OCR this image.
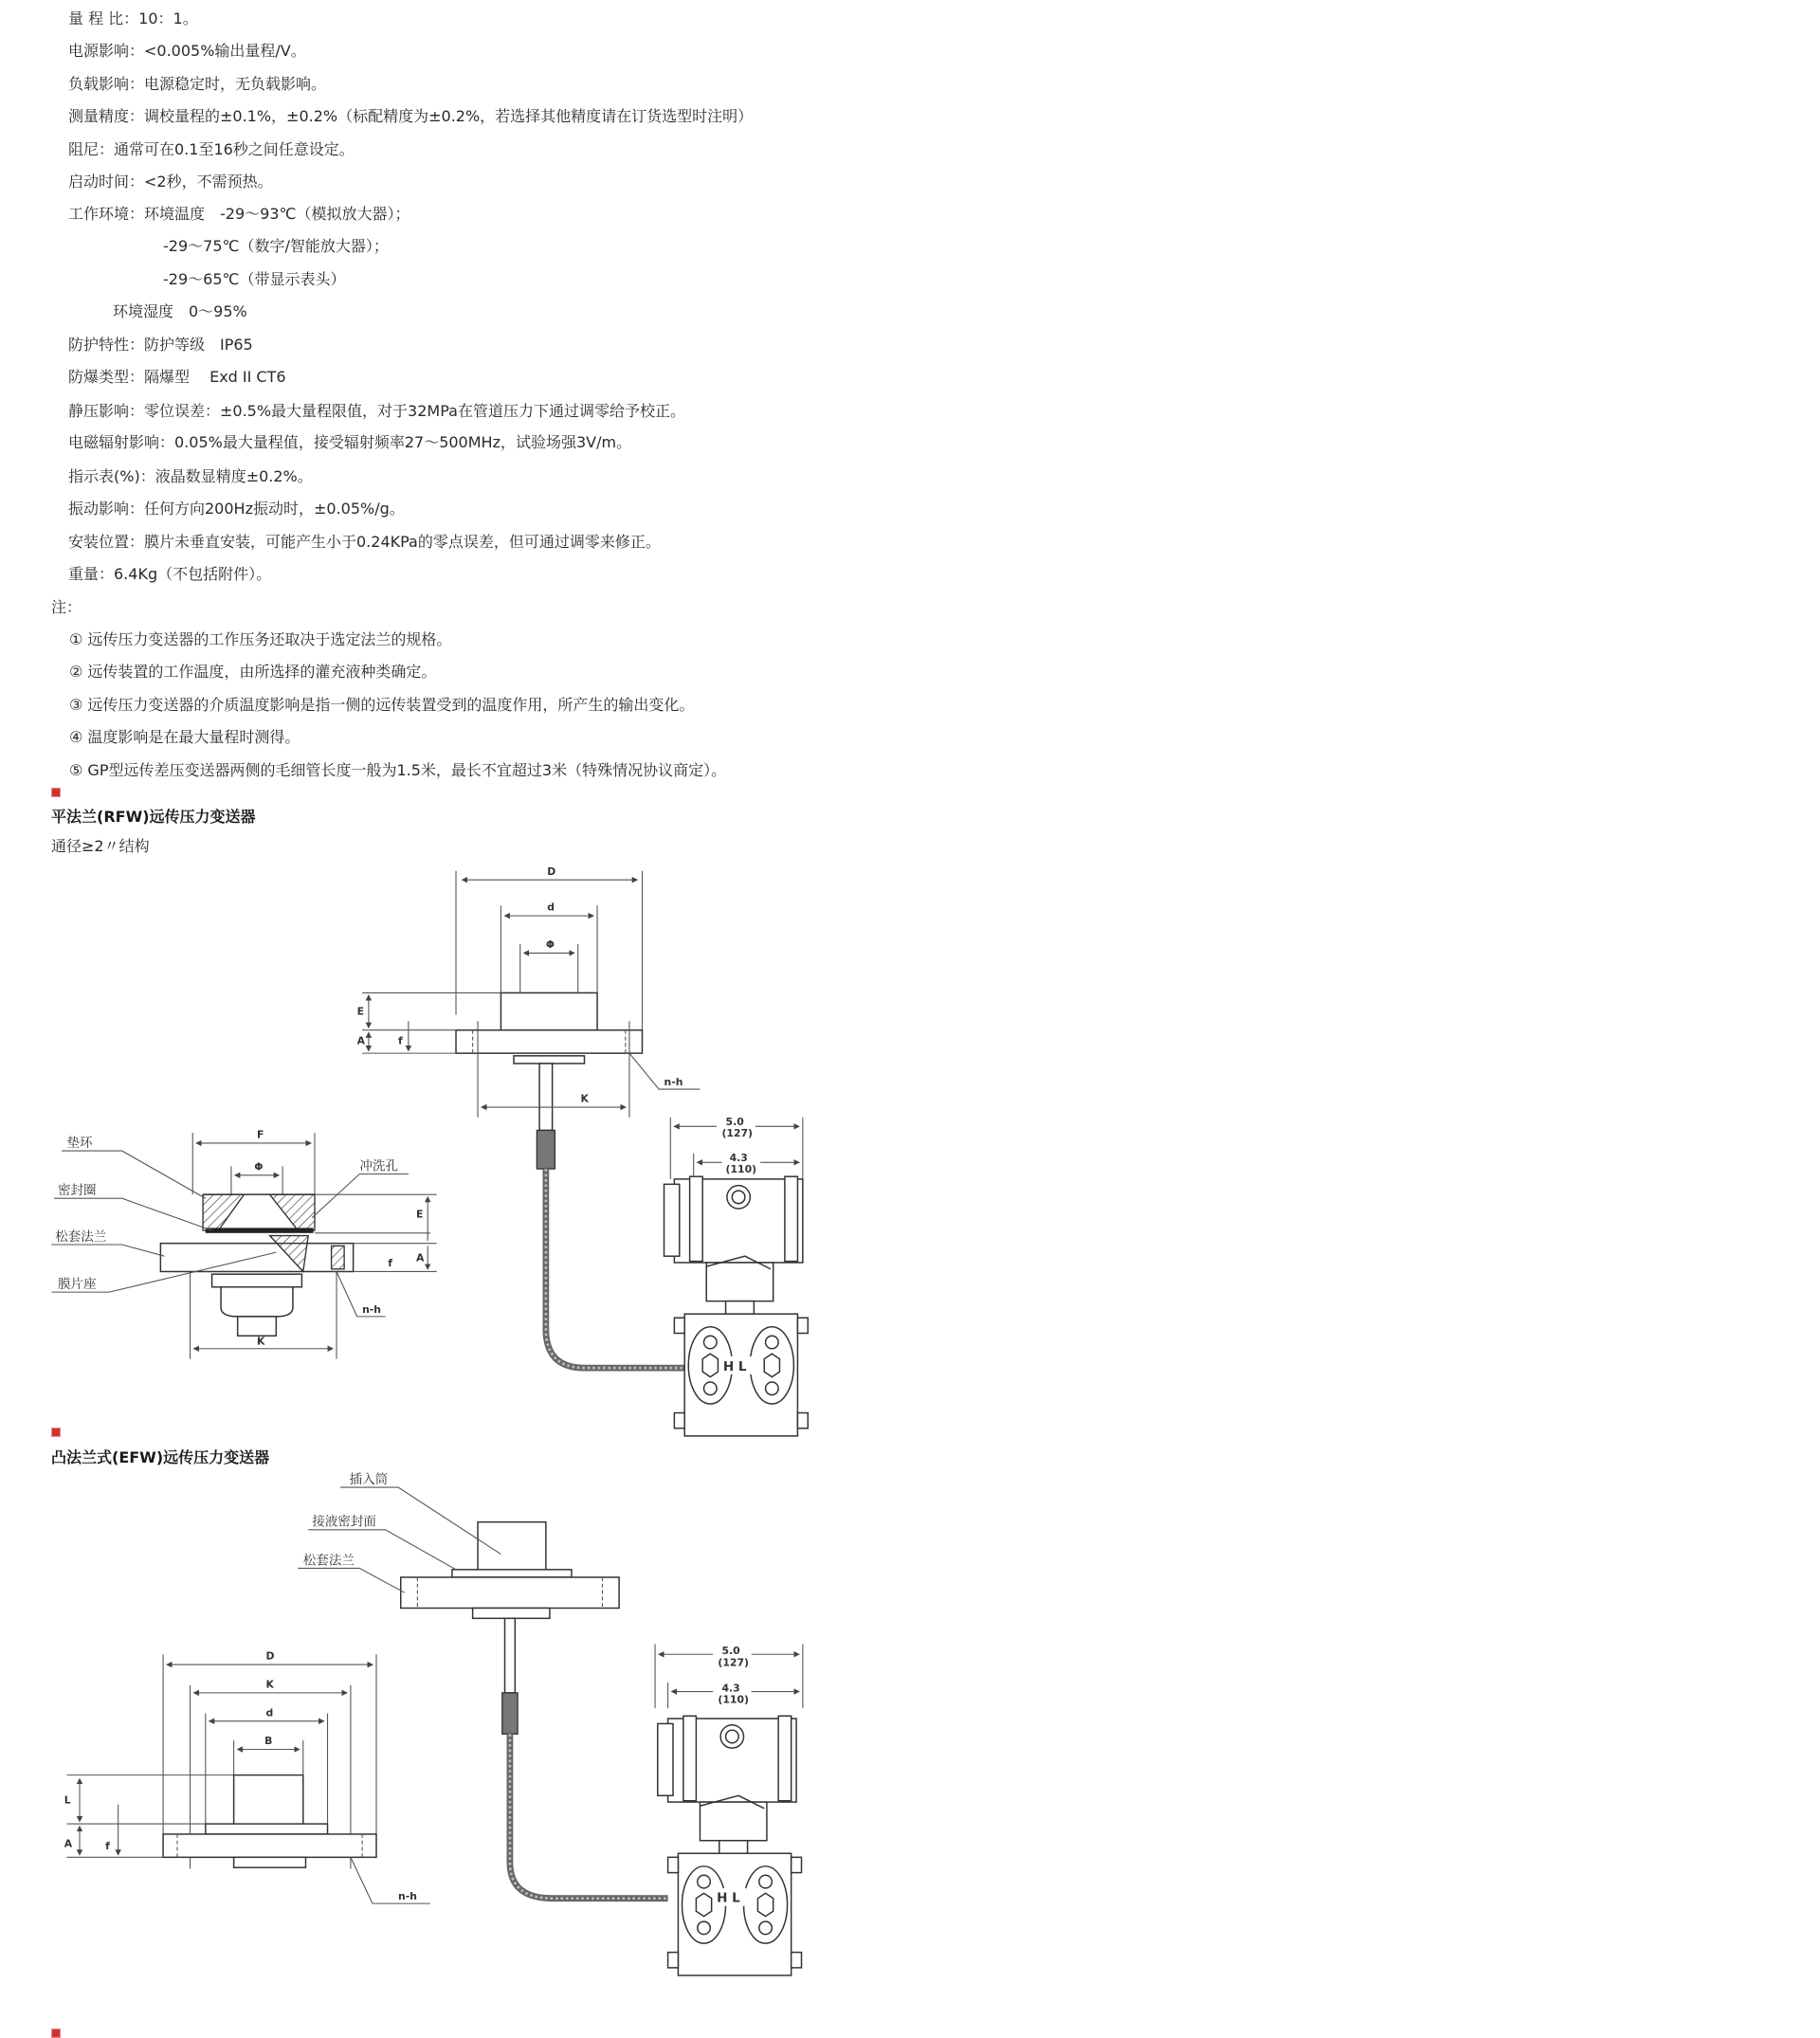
量 程 比：10：1。
电源影响：<0.005%输出量程/V。
负载影响：电源稳定时，无负载影响。
测量精度：调校量程的±0.1%，±0.2%（标配精度为±0.2%，若选择其他精度请在订货选型时注明）
阻尼：通常可在0.1至16秒之间任意设定。
启动时间：<2秒，不需预热。
工作环境：环境温度　-29～93℃（模拟放大器）；
-29～75℃（数字/智能放大器）；
-29～65℃（带显示表头）
环境湿度　0～95%
防护特性：防护等级　IP65
防爆类型：隔爆型　 Exd II CT6
静压影响：零位误差：±0.5%最大量程限值，对于32MPa在管道压力下通过调零给予校正。
电磁辐射影响：0.05%最大量程值，接受辐射频率27～500MHz，试验场强3V/m。
指示表(%)：液晶数显精度±0.2%。
振动影响：任何方向200Hz振动时，±0.05%/g。
安装位置：膜片未垂直安装，可能产生小于0.24KPa的零点误差，但可通过调零来修正。
重量：6.4Kg（不包括附件）。
注：
① 远传压力变送器的工作压务还取决于选定法兰的规格。
② 远传装置的工作温度，由所选择的灌充液种类确定。
③ 远传压力变送器的介质温度影响是指一侧的远传装置受到的温度作用，所产生的输出变化。
④ 温度影响是在最大量程时测得。
⑤ GP型远传差压变送器两侧的毛细管长度一般为1.5米，最长不宜超过3米（特殊情况协议商定）。
平法兰(RFW)远传压力变送器
通径≥2〃结构
凸法兰式(EFW)远传压力变送器
D
d
Φ
E
A	f
K
n-h
5.0
(127)
4.3
(110)
H L
F
Φ
K
E
A
f
垫环
密封圈
松套法兰
膜片座
冲洗孔
n-h
插入筒
接液密封面
松套法兰
5.0
(127)
4.3
(110)
H L
D
K
d
B
L
A	f
n-h
